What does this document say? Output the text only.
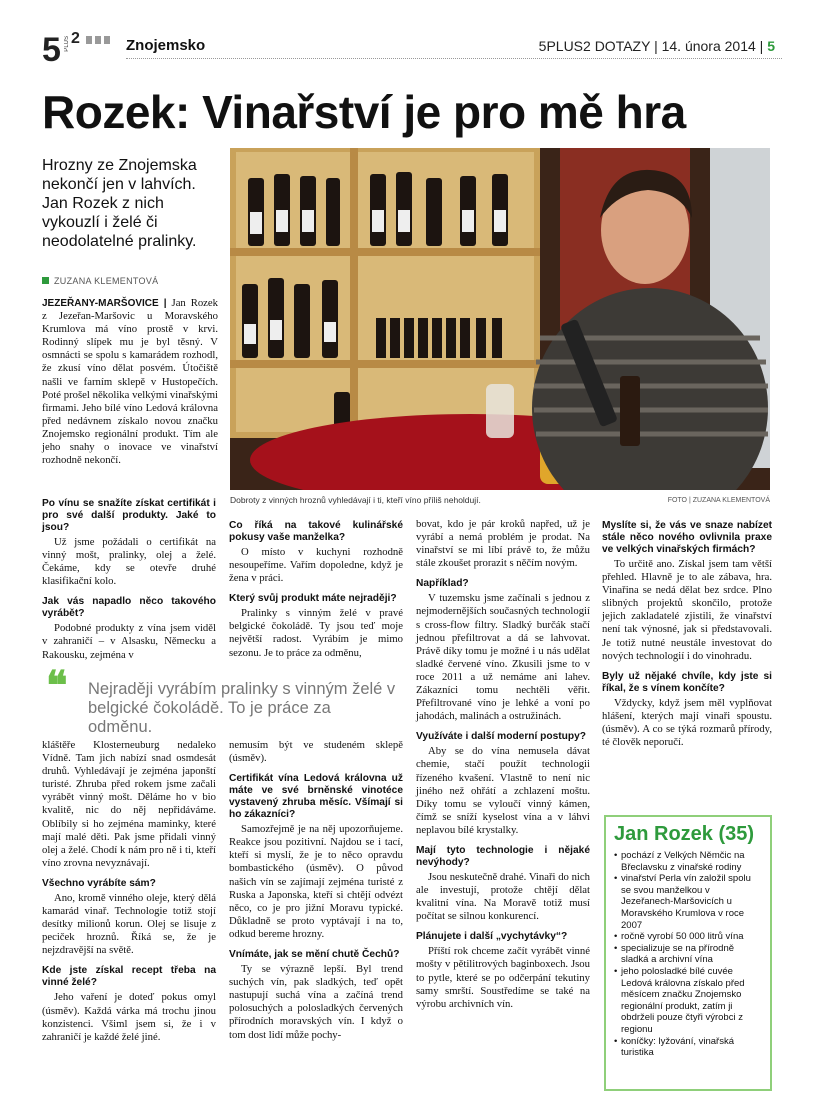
5 PLUS 2	Znojemsko	5PLUS2 DOTAZY | 14. února 2014 | 5
Rozek: Vinařství je pro mě hra
Hrozny ze Znojemska nekončí jen v lahvích. Jan Rozek z nich vykouzlí i želé či neodolatelné pralinky.
ZUZANA KLEMENTOVÁ
JEZEŘANY-MARŠOVICE | Jan Rozek z Jezeřan-Maršovic u Moravského Krumlova má víno prostě v krvi. Rodinný slípek mu je byl těsný. V osmnácti se spolu s kamarádem rozhodl, že zkusí víno dělat posvém. Útočiště našli ve farním sklepě v Hustopečích. Poté prošel několika velkými vinařskými firmami. Jeho bílé víno Ledová královna před nedávnem získalo novou značku Znojemsko regionální produkt. Tím ale jeho snahy o inovace ve vinařství rozhodně nekončí.
Dobroty z vinných hroznů vyhledávají i ti, kteří víno příliš neholdují.	FOTO | ZUZANA KLEMENTOVÁ
❝ Nejraději vyrábím pralinky s vinným želé v belgické čokoládě. To je práce za odměnu.
Po vínu se snažíte získat certifikát i pro své další produkty. Jaké to jsou?
Už jsme požádali o certifikát na vinný mošt, pralinky, olej a želé. Čekáme, kdy se otevře druhé klasifikační kolo.
Jak vás napadlo něco takového vyrábět?
Podobné produkty z vína jsem viděl v zahraničí – v Alsasku, Německu a Rakousku, zejména v
kláštěře Klosterneuburg nedaleko Vídně. Tam jich nabízí snad osmdesát druhů. Vyhledávají je zejména japonští turisté. Zhruba před rokem jsme začali vyrábět vinný mošt. Děláme ho v bio kvalitě, nic do něj nepřidáváme. Oblíbily si ho zejména maminky, které mají malé děti. Pak jsme přidali vinný olej a želé. Chodí k nám pro ně i ti, kteří víno zrovna nevyznávají.
Všechno vyrábíte sám?
Ano, kromě vinného oleje, který dělá kamarád vinař. Technologie totiž stojí desítky milionů korun. Olej se lisuje z peciček hroznů. Říká se, že je nejzdravější na světě.
Kde jste získal recept třeba na vinné želé?
Jeho vaření je doteď pokus omyl (úsměv). Každá várka má trochu jinou konzistenci. Všiml jsem si, že i v zahraničí je každé želé jiné.
Co říká na takové kulinářské pokusy vaše manželka?
O místo v kuchyni rozhodně nesoupeříme. Vařím dopoledne, když je žena v práci.
Který svůj produkt máte nejraději?
Pralinky s vinným želé v pravé belgické čokoládě. Ty jsou teď moje největší radost. Vyrábím je mimo sezonu. Je to práce za odměnu,
nemusím být ve studeném sklepě (úsměv).
Certifikát vína Ledová královna už máte ve své brněnské vinotéce vystavený zhruba měsíc. Všímají si ho zákazníci?
Samozřejmě je na něj upozorňujeme. Reakce jsou pozitivní. Najdou se i tací, kteří si myslí, že je to něco opravdu bombastického (úsměv). O původ našich vín se zajímají zejména turisté z Ruska a Japonska, kteří si chtějí odvézt něco, co je pro jižní Moravu typické. Důkladně se proto vyptávají i na to, odkud bereme hrozny.
Vnímáte, jak se mění chutě Čechů?
Ty se výrazně lepší. Byl trend suchých vín, pak sladkých, teď opět nastupují suchá vína a začíná trend polosuchých a polosladkých červených přírodních moravských vín. I když o tom dost lidí může pochy-
bovat, kdo je pár kroků napřed, už je vyrábí a nemá problém je prodat. Na vinařství se mi líbí právě to, že můžu stále zkoušet prorazit s něčím novým.
Například?
V tuzemsku jsme začínali s jednou z nejmodernějších současných technologií s cross-flow filtry. Sladký burčák stačí jednou přefiltrovat a dá se lahvovat. Právě díky tomu je možné i u nás udělat sladké červené víno. Zkusili jsme to v roce 2011 a už nemáme ani lahev. Zákazníci tomu nechtěli věřit. Přefiltrované víno je lehké a voní po jahodách, malinách a ostružinách.
Využíváte i další moderní postupy?
Aby se do vína nemusela dávat chemie, stačí použít technologii řízeného kvašení. Vlastně to není nic jiného než ohřátí a zchlazení moštu. Díky tomu se vyloučí vinný kámen, čímž se sníží kyselost vína a v láhvi neplavou bílé krystalky.
Mají tyto technologie i nějaké nevýhody?
Jsou neskutečně drahé. Vinaři do nich ale investují, protože chtějí dělat kvalitní vína. Na Moravě totiž musí počítat se silnou konkurencí.
Plánujete i další „vychytávky“?
Příští rok chceme začít vyrábět vinné mošty v pětilitrových baginboxech. Jsou to pytle, které se po odčerpání tekutiny samy smrští. Soustředíme se také na výrobu archivních vín.
Myslíte si, že vás ve snaze nabízet stále něco nového ovlivnila praxe ve velkých vinařských firmách?
To určitě ano. Získal jsem tam větší přehled. Hlavně je to ale zábava, hra. Vinařina se nedá dělat bez srdce. Plno slibných projektů skončilo, protože jejich zakladatelé zjistili, že vinařství není tak výnosné, jak si představovali. Je totiž nutné neustále investovat do nových technologií i do vinohradu.
Byly už nějaké chvíle, kdy jste si říkal, že s vínem končíte?
Vždycky, když jsem měl vyplňovat hlášení, kterých mají vinaři spoustu. (úsměv). A co se týká rozmarů přírody, té člověk neporučí.
Jan Rozek (35)
• pochází z Velkých Němčic na Břeclavsku z vinařské rodiny
• vinařství Perla vín založil spolu se svou manželkou v Jezeřanech-Maršovicích u Moravského Krumlova v roce 2007
• ročně vyrobí 50 000 litrů vína
• specializuje se na přírodně sladká a archivní vína
• jeho polosladké bílé cuvée Ledová královna získalo před měsícem značku Znojemsko regionální produkt, zatím ji obdrželi pouze čtyři výrobci z regionu
• koníčky: lyžování, vinařská turistika
